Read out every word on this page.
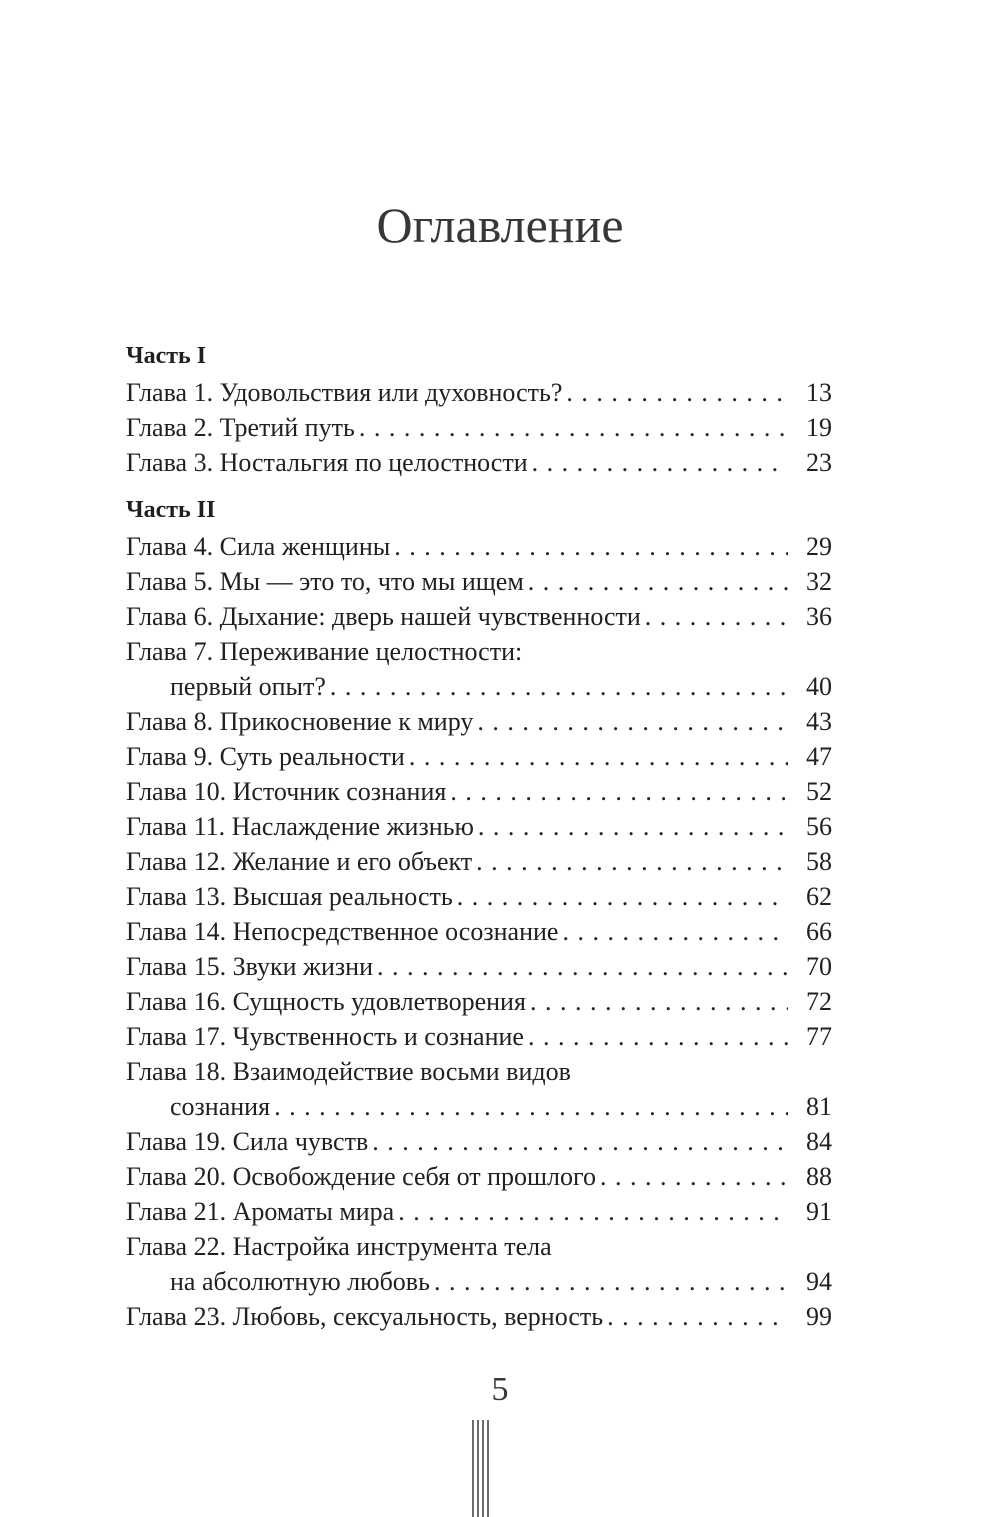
Оглавление
Часть I
Глава 1. Удовольствия или духовность? . . .	13
Глава 2. Третий путь . . .	19
Глава 3. Ностальгия по целостности . . .	23
Часть II
Глава 4. Сила женщины . . .	29
Глава 5. Мы — это то, что мы ищем . . .	32
Глава 6. Дыхание: дверь нашей чувственности . . .	36
Глава 7. Переживание целостности:
первый опыт? . . .	40
Глава 8. Прикосновение к миру . . .	43
Глава 9. Суть реальности . . .	47
Глава 10. Источник сознания . . .	52
Глава 11. Наслаждение жизнью . . .	56
Глава 12. Желание и его объект . . .	58
Глава 13. Высшая реальность . . .	62
Глава 14. Непосредственное осознание . . .	66
Глава 15. Звуки жизни . . .	70
Глава 16. Сущность удовлетворения . . .	72
Глава 17. Чувственность и сознание . . .	77
Глава 18. Взаимодействие восьми видов
сознания . . .	81
Глава 19. Сила чувств . . .	84
Глава 20. Освобождение себя от прошлого . . .	88
Глава 21. Ароматы мира . . .	91
Глава 22. Настройка инструмента тела
на абсолютную любовь . . .	94
Глава 23. Любовь, сексуальность, верность . . .	99
5
